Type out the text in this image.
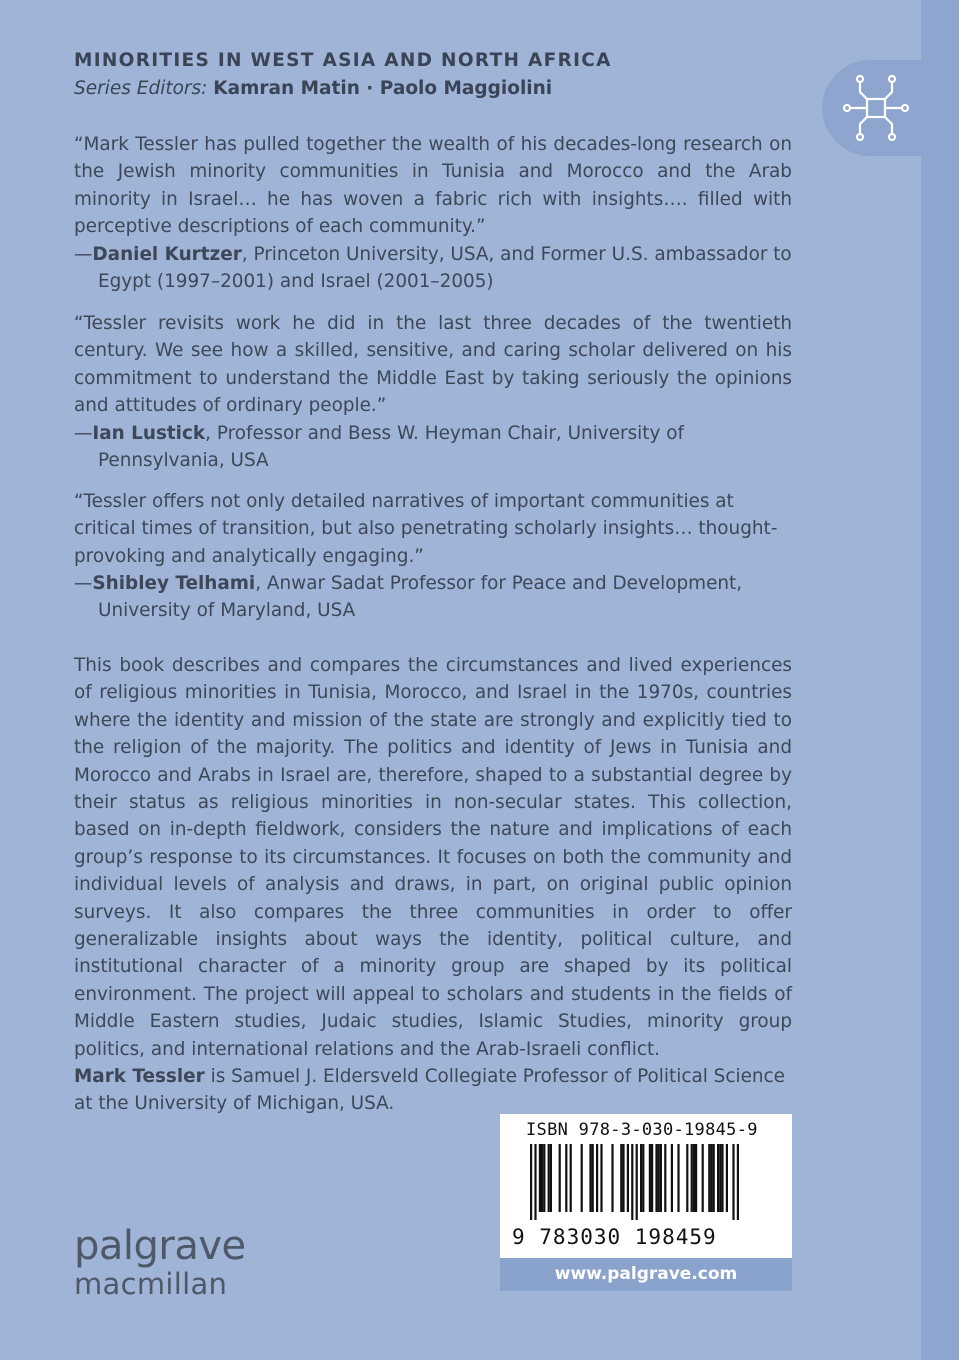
MINORITIES IN WEST ASIA AND NORTH AFRICA

Series Editors: Kamran Matin · Paolo Maggiolini

“Mark Tessler has pulled together the wealth of his decades-long research on the Jewish minority communities in Tunisia and Morocco and the Arab minority in Israel… he has woven a fabric rich with insights…. filled with perceptive descriptions of each community.”

—Daniel Kurtzer, Princeton University, USA, and Former U.S. ambassador to Egypt (1997–2001) and Israel (2001–2005)

“Tessler revisits work he did in the last three decades of the twentieth century. We see how a skilled, sensitive, and caring scholar delivered on his commitment to understand the Middle East by taking seriously the opinions and attitudes of ordinary people.”

—Ian Lustick, Professor and Bess W. Heyman Chair, University of Pennsylvania, USA

“Tessler offers not only detailed narratives of important communities at critical times of transition, but also penetrating scholarly insights… thought-provoking and analytically engaging.”

—Shibley Telhami, Anwar Sadat Professor for Peace and Development, University of Maryland, USA

This book describes and compares the circumstances and lived experiences of religious minorities in Tunisia, Morocco, and Israel in the 1970s, countries where the identity and mission of the state are strongly and explicitly tied to the religion of the majority. The politics and identity of Jews in Tunisia and Morocco and Arabs in Israel are, therefore, shaped to a substantial degree by their status as religious minorities in non-secular states. This collection, based on in-depth fieldwork, considers the nature and implications of each group’s response to its circumstances. It focuses on both the community and individual levels of analysis and draws, in part, on original public opinion surveys. It also compares the three communities in order to offer generalizable insights about ways the identity, political culture, and institutional character of a minority group are shaped by its political environment. The project will appeal to scholars and students in the fields of Middle Eastern studies, Judaic studies, Islamic Studies, minority group politics, and international relations and the Arab-Israeli conflict.

Mark Tessler is Samuel J. Eldersveld Collegiate Professor of Political Science at the University of Michigan, USA.

ISBN 978-3-030-19845-9

9 783030 198459

www.palgrave.com

palgrave
macmillan
